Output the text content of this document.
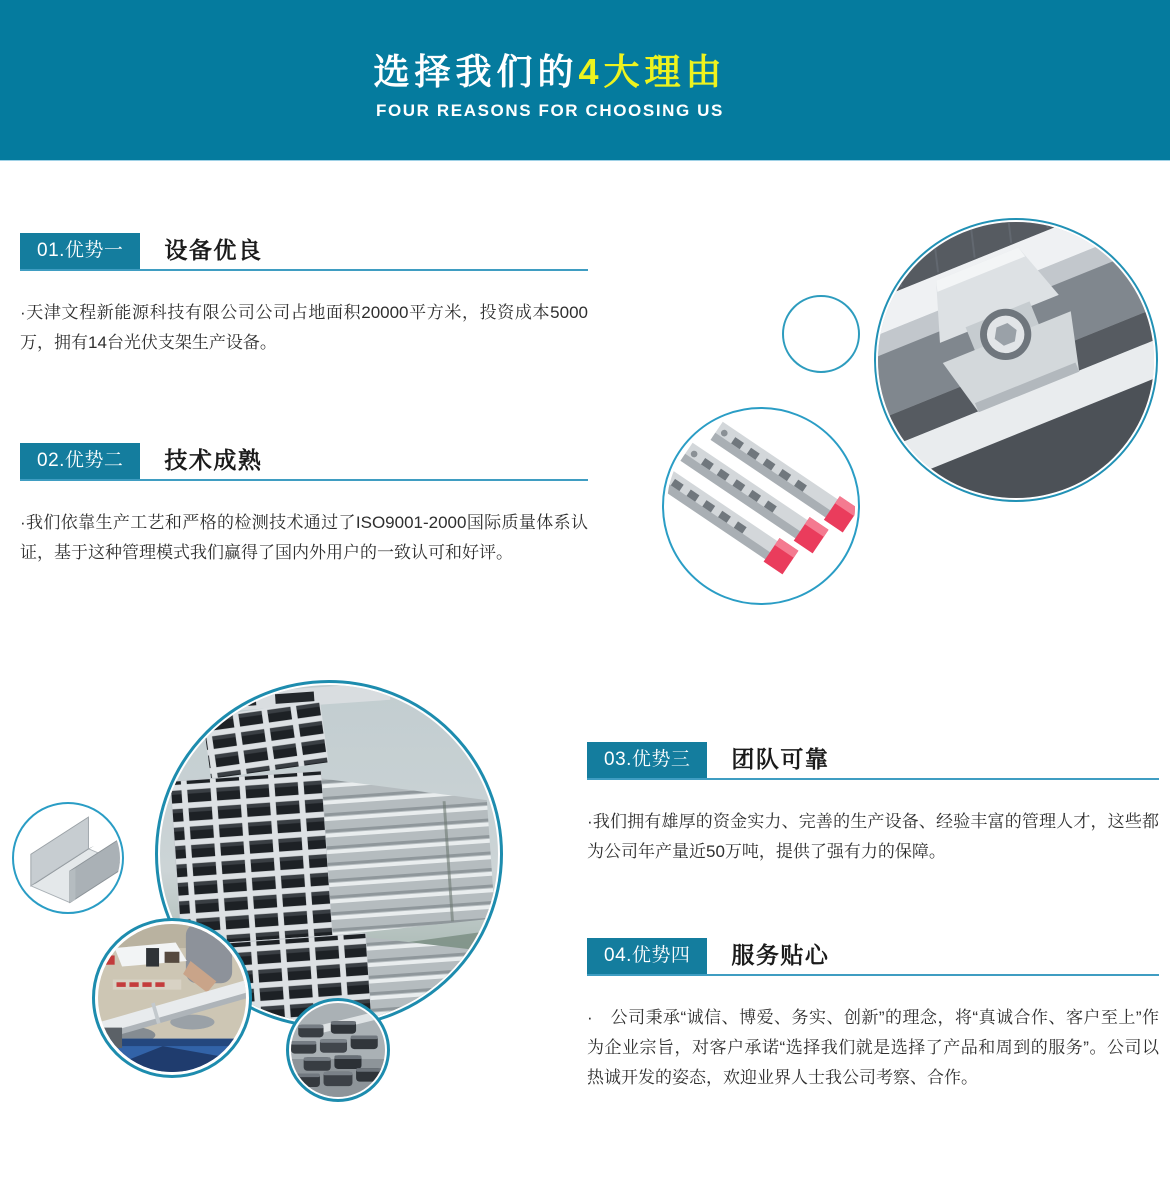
选择我们的4大理由
FOUR REASONS FOR CHOOSING US
01.优势一	设备优良
·天津文程新能源科技有限公司公司占地面积20000平方米，投资成本5000万，拥有14台光伏支架生产设备。
02.优势二	技术成熟
·我们依靠生产工艺和严格的检测技术通过了ISO9001-2000国际质量体系认证，基于这种管理模式我们赢得了国内外用户的一致认可和好评。
03.优势三	团队可靠
·我们拥有雄厚的资金实力、完善的生产设备、经验丰富的管理人才，这些都为公司年产量近50万吨，提供了强有力的保障。
04.优势四	服务贴心
·　公司秉承“诚信、博爱、务实、创新”的理念，将“真诚合作、客户至上”作为企业宗旨，对客户承诺“选择我们就是选择了产品和周到的服务”。公司以热诚开发的姿态，欢迎业界人士我公司考察、合作。
